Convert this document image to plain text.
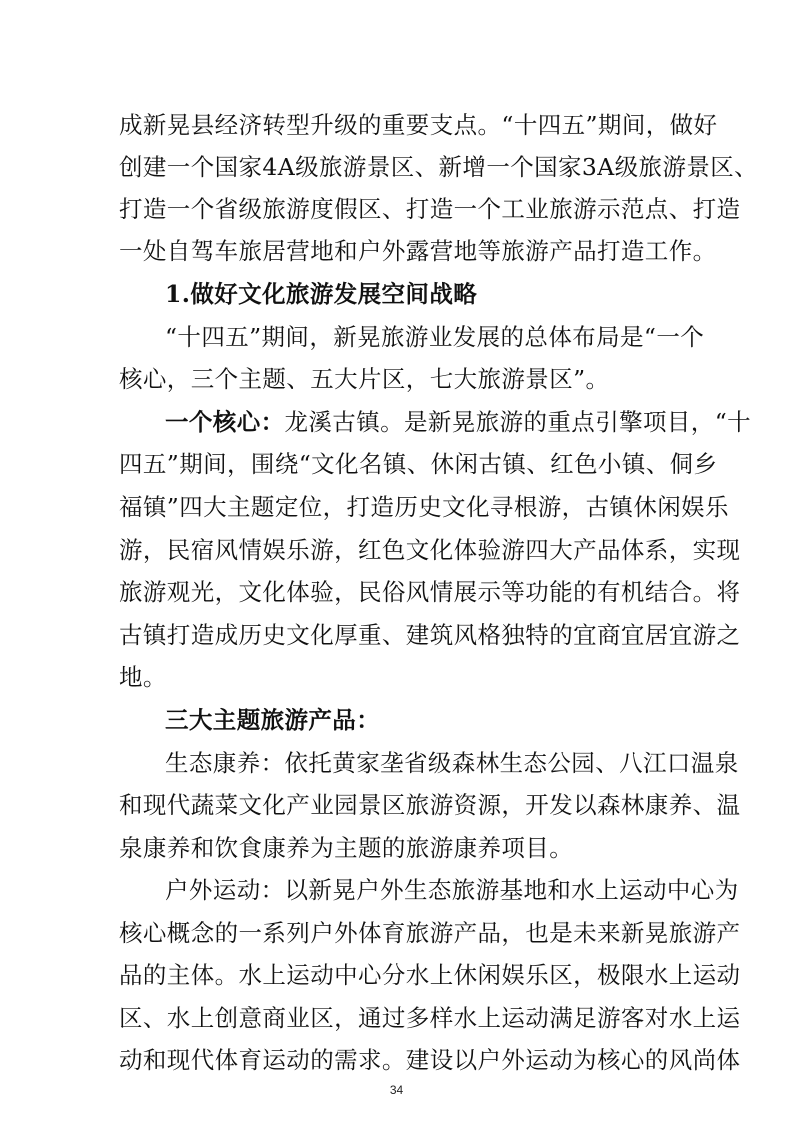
成新晃县经济转型升级的重要支点。“十四五”期间，做好
创建一个国家4A级旅游景区、新增一个国家3A级旅游景区、
打造一个省级旅游度假区、打造一个工业旅游示范点、打造
一处自驾车旅居营地和户外露营地等旅游产品打造工作。
1.做好文化旅游发展空间战略
“十四五”期间，新晃旅游业发展的总体布局是“一个
核心，三个主题、五大片区，七大旅游景区”。
一个核心：龙溪古镇。是新晃旅游的重点引擎项目，“十
四五”期间，围绕“文化名镇、休闲古镇、红色小镇、侗乡
福镇”四大主题定位，打造历史文化寻根游，古镇休闲娱乐
游，民宿风情娱乐游，红色文化体验游四大产品体系，实现
旅游观光，文化体验，民俗风情展示等功能的有机结合。将
古镇打造成历史文化厚重、建筑风格独特的宜商宜居宜游之
地。
三大主题旅游产品：
生态康养：依托黄家垄省级森林生态公园、八江口温泉
和现代蔬菜文化产业园景区旅游资源，开发以森林康养、温
泉康养和饮食康养为主题的旅游康养项目。
户外运动：以新晃户外生态旅游基地和水上运动中心为
核心概念的一系列户外体育旅游产品，也是未来新晃旅游产
品的主体。水上运动中心分水上休闲娱乐区，极限水上运动
区、水上创意商业区，通过多样水上运动满足游客对水上运
动和现代体育运动的需求。建设以户外运动为核心的风尚体
34
